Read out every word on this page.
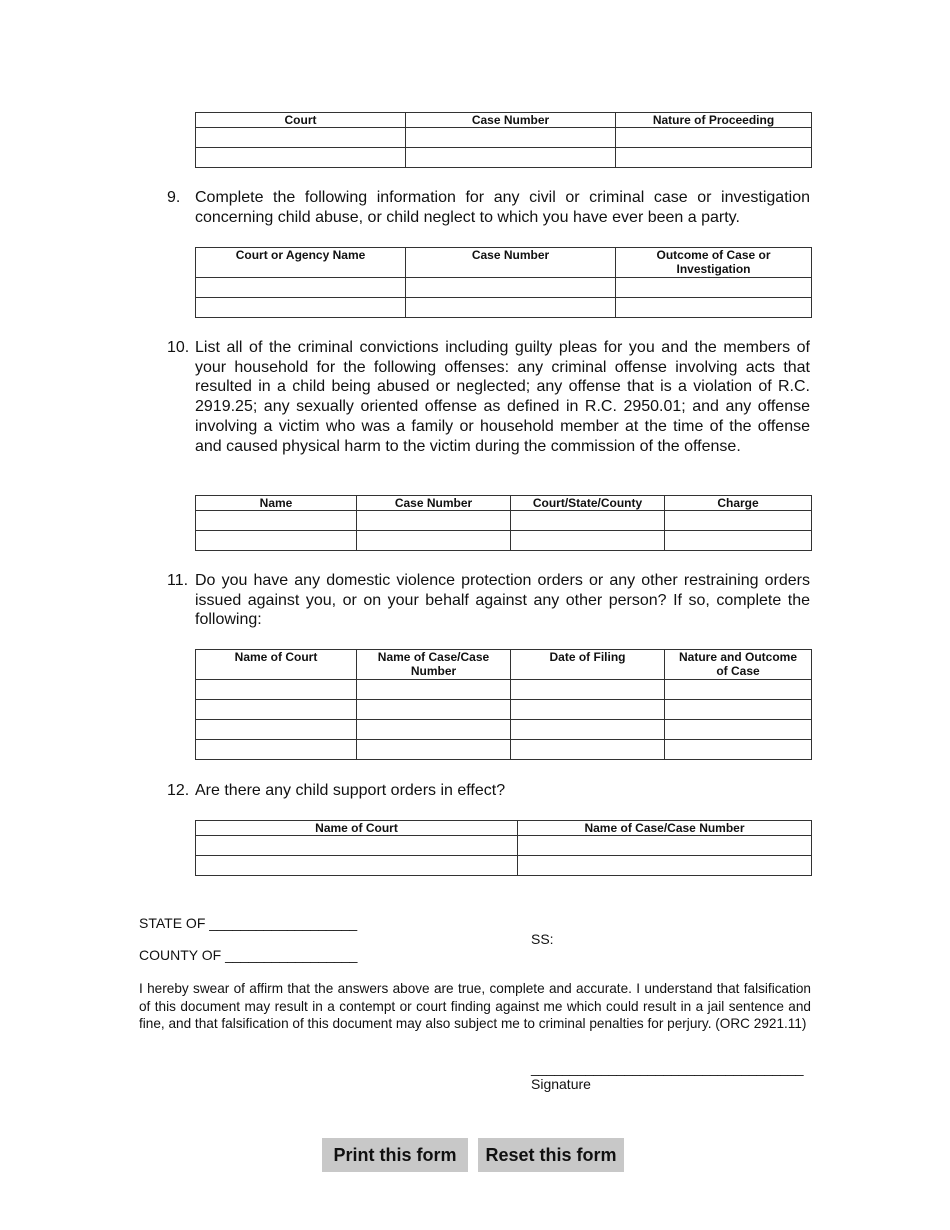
Court	Case Number	Nature of Proceeding

9. Complete the following information for any civil or criminal case or investigation concerning child abuse, or child neglect to which you have ever been a party.
Court or Agency Name	Case Number	Outcome of Case or Investigation

10. List all of the criminal convictions including guilty pleas for you and the members of your household for the following offenses: any criminal offense involving acts that resulted in a child being abused or neglected; any offense that is a violation of R.C. 2919.25; any sexually oriented offense as defined in R.C. 2950.01; and any offense involving a victim who was a family or household member at the time of the offense and caused physical harm to the victim during the commission of the offense.
Name	Case Number	Court/State/County	Charge

11. Do you have any domestic violence protection orders or any other restraining orders issued against you, or on your behalf against any other person? If so, complete the following:
Name of Court	Name of Case/Case Number	Date of Filing	Nature and Outcome of Case

12. Are there any child support orders in effect?
Name of Court	Name of Case/Case Number

STATE OF ___________________
COUNTY OF _________________
SS:
I hereby swear of affirm that the answers above are true, complete and accurate. I understand that falsification of this document may result in a contempt or court finding against me which could result in a jail sentence and fine, and that falsification of this document may also subject me to criminal penalties for perjury. (ORC 2921.11)
___________________________________
Signature
Print this form	Reset this form
